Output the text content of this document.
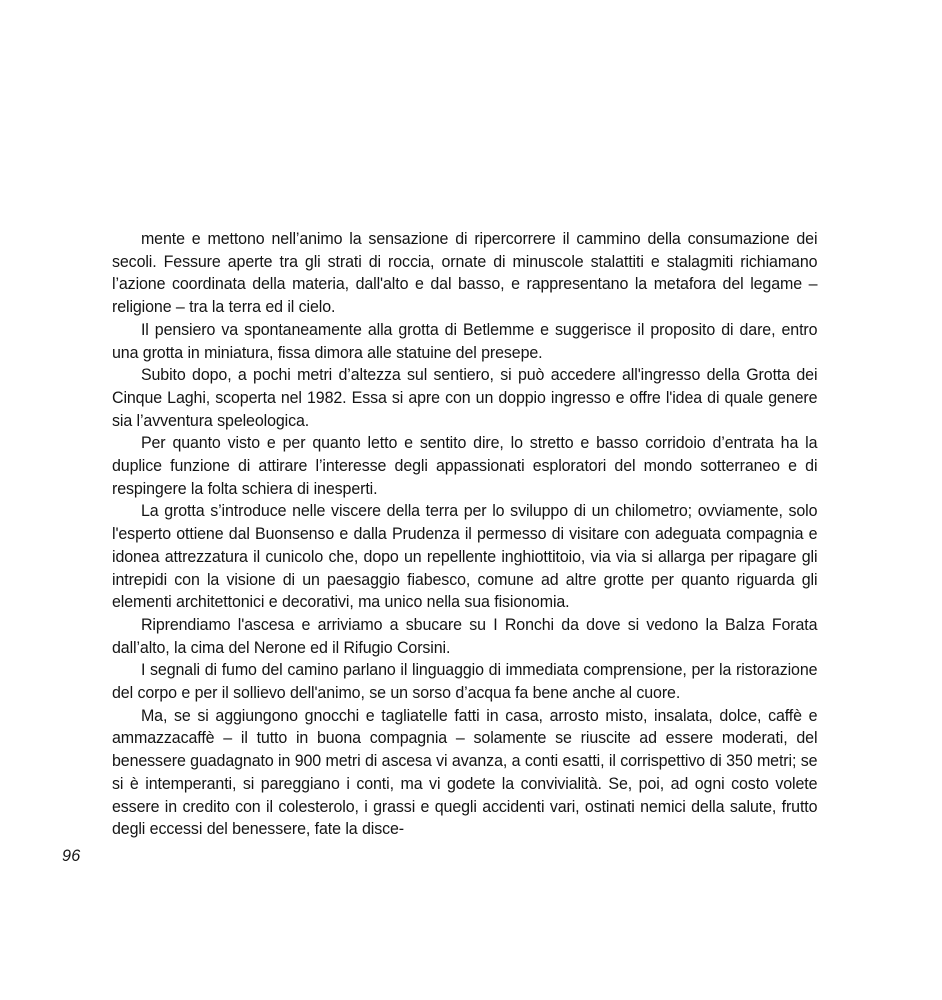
mente e mettono nell’animo la sensazione di ripercorrere il cammino della consumazione dei secoli. Fessure aperte tra gli strati di roccia, ornate di minuscole stalattiti e stalagmiti richiamano l’azione coordinata della materia, dall'alto e dal basso, e rappresentano la metafora del legame – religione – tra la terra ed il cielo.

Il pensiero va spontaneamente alla grotta di Betlemme e suggerisce il proposito di dare, entro una grotta in miniatura, fissa dimora alle statuine del presepe.

Subito dopo, a pochi metri d’altezza sul sentiero, si può accedere all'ingresso della Grotta dei Cinque Laghi, scoperta nel 1982. Essa si apre con un doppio ingresso e offre l'idea di quale genere sia l’avventura speleologica.

Per quanto visto e per quanto letto e sentito dire, lo stretto e basso corridoio d’entrata ha la duplice funzione di attirare l’interesse degli appassionati esploratori del mondo sotterraneo e di respingere la folta schiera di inesperti.

La grotta s’introduce nelle viscere della terra per lo sviluppo di un chilometro; ovviamente, solo l'esperto ottiene dal Buonsenso e dalla Prudenza il permesso di visitare con adeguata compagnia e idonea attrezzatura il cunicolo che, dopo un repellente inghiottitoio, via via si allarga per ripagare gli intrepidi con la visione di un paesaggio fiabesco, comune ad altre grotte per quanto riguarda gli elementi architettonici e decorativi, ma unico nella sua fisionomia.

Riprendiamo l'ascesa e arriviamo a sbucare su I Ronchi da dove si vedono la Balza Forata dall’alto, la cima del Nerone ed il Rifugio Corsini.

I segnali di fumo del camino parlano il linguaggio di immediata comprensione, per la ristorazione del corpo e per il sollievo dell'animo, se un sorso d’acqua fa bene anche al cuore.

Ma, se si aggiungono gnocchi e tagliatelle fatti in casa, arrosto misto, insalata, dolce, caffè e ammazzacaffè – il tutto in buona compagnia – solamente se riuscite ad essere moderati, del benessere guadagnato in 900 metri di ascesa vi avanza, a conti esatti, il corrispettivo di 350 metri; se si è intemperanti, si pareggiano i conti, ma vi godete la convivialità. Se, poi, ad ogni costo volete essere in credito con il colesterolo, i grassi e quegli accidenti vari, ostinati nemici della salute, frutto degli eccessi del benessere, fate la disce-

96
